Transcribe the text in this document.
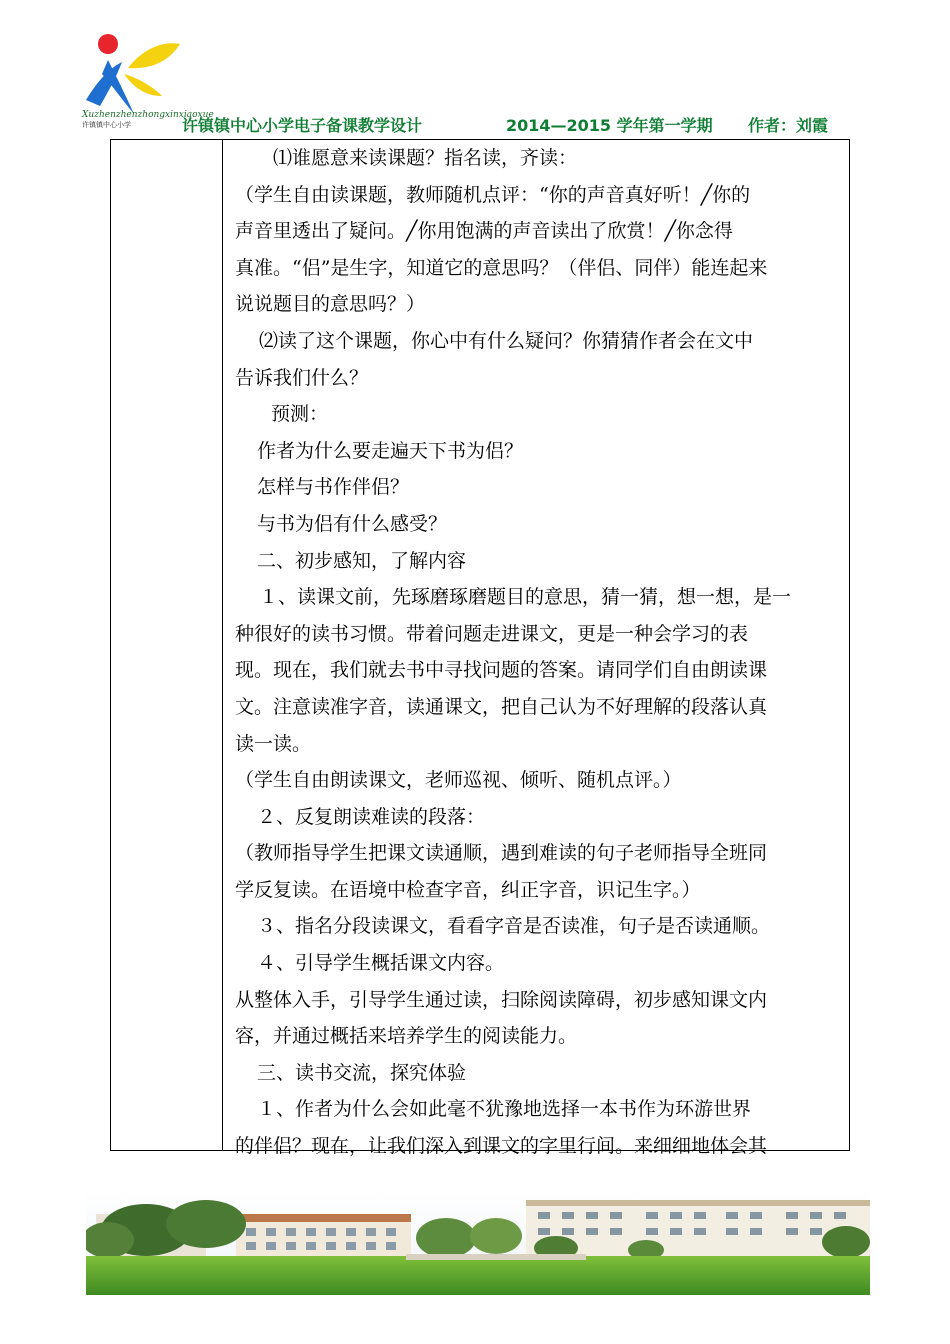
Xuzhenzhenzhongxinxiaoxue
许镇镇中心小学	许镇镇中心小学电子备课教学设计	2014—2015 学年第一学期 作者：刘霞

⑴谁愿意来读课题？指名读，齐读：

（学生自由读课题，教师随机点评：“你的声音真好听！╱你的

声音里透出了疑问。╱你用饱满的声音读出了欣赏！╱你念得

真准。“侣”是生字，知道它的意思吗？（伴侣、同伴）能连起来

说说题目的意思吗？）

⑵读了这个课题，你心中有什么疑问？你猜猜作者会在文中

告诉我们什么？

预测：

作者为什么要走遍天下书为侣？

怎样与书作伴侣？

与书为侣有什么感受？

二、初步感知，了解内容

１、读课文前，先琢磨琢磨题目的意思，猜一猜，想一想，是一

种很好的读书习惯。带着问题走进课文，更是一种会学习的表

现。现在，我们就去书中寻找问题的答案。请同学们自由朗读课

文。注意读准字音，读通课文，把自己认为不好理解的段落认真

读一读。

（学生自由朗读课文，老师巡视、倾听、随机点评。）

２、反复朗读难读的段落：

（教师指导学生把课文读通顺，遇到难读的句子老师指导全班同

学反复读。在语境中检查字音，纠正字音，识记生字。）

３、指名分段读课文，看看字音是否读准，句子是否读通顺。

４、引导学生概括课文内容。

从整体入手，引导学生通过读，扫除阅读障碍，初步感知课文内

容，并通过概括来培养学生的阅读能力。

三、读书交流，探究体验

１、作者为什么会如此毫不犹豫地选择一本书作为环游世界

的伴侣？现在，让我们深入到课文的字里行间。来细细地体会其
